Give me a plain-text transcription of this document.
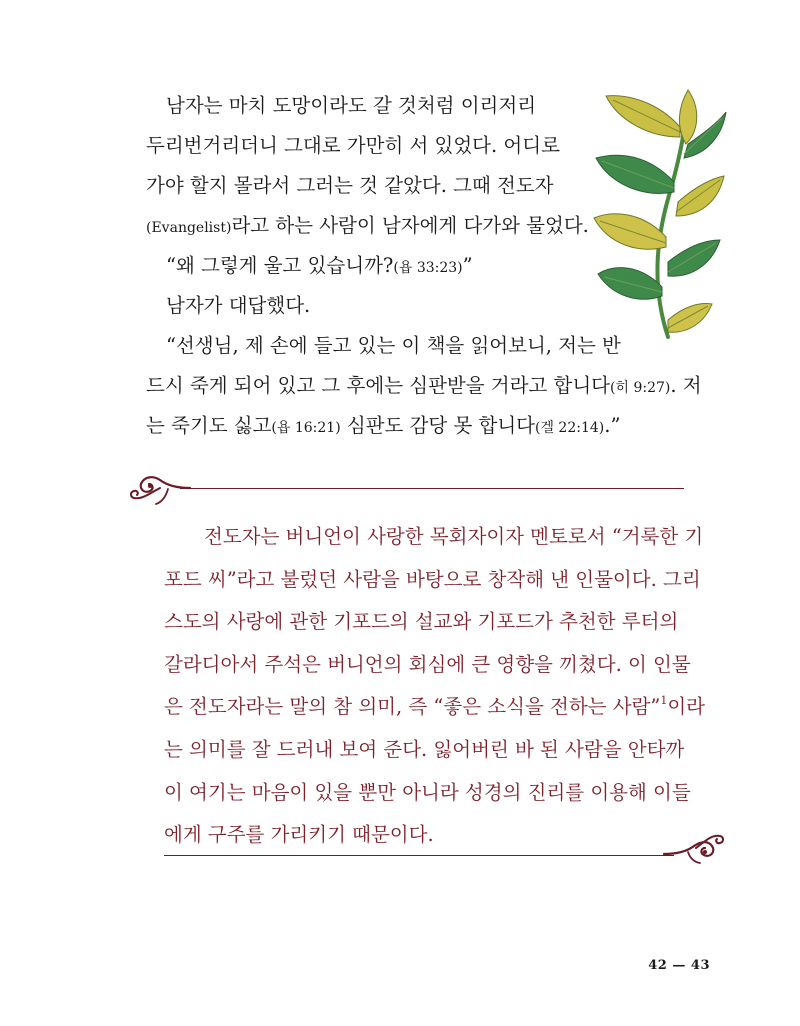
남자는 마치 도망이라도 갈 것처럼 이리저리
두리번거리더니 그대로 가만히 서 있었다. 어디로
가야 할지 몰라서 그러는 것 같았다. 그때 전도자
(Evangelist)라고 하는 사람이 남자에게 다가와 물었다.
“왜 그렇게 울고 있습니까?(욥 33:23)”
남자가 대답했다.
“선생님, 제 손에 들고 있는 이 책을 읽어보니, 저는 반
드시 죽게 되어 있고 그 후에는 심판받을 거라고 합니다(히 9:27). 저
는 죽기도 싫고(욥 16:21) 심판도 감당 못 합니다(겔 22:14).”
전도자는 버니언이 사랑한 목회자이자 멘토로서 “거룩한 기
포드 씨”라고 불렀던 사람을 바탕으로 창작해 낸 인물이다. 그리
스도의 사랑에 관한 기포드의 설교와 기포드가 추천한 루터의
갈라디아서 주석은 버니언의 회심에 큰 영향을 끼쳤다. 이 인물
은 전도자라는 말의 참 의미, 즉 “좋은 소식을 전하는 사람”$^1$이라
는 의미를 잘 드러내 보여 준다. 잃어버린 바 된 사람을 안타까
이 여기는 마음이 있을 뿐만 아니라 성경의 진리를 이용해 이들
에게 구주를 가리키기 때문이다.
42 — 43
